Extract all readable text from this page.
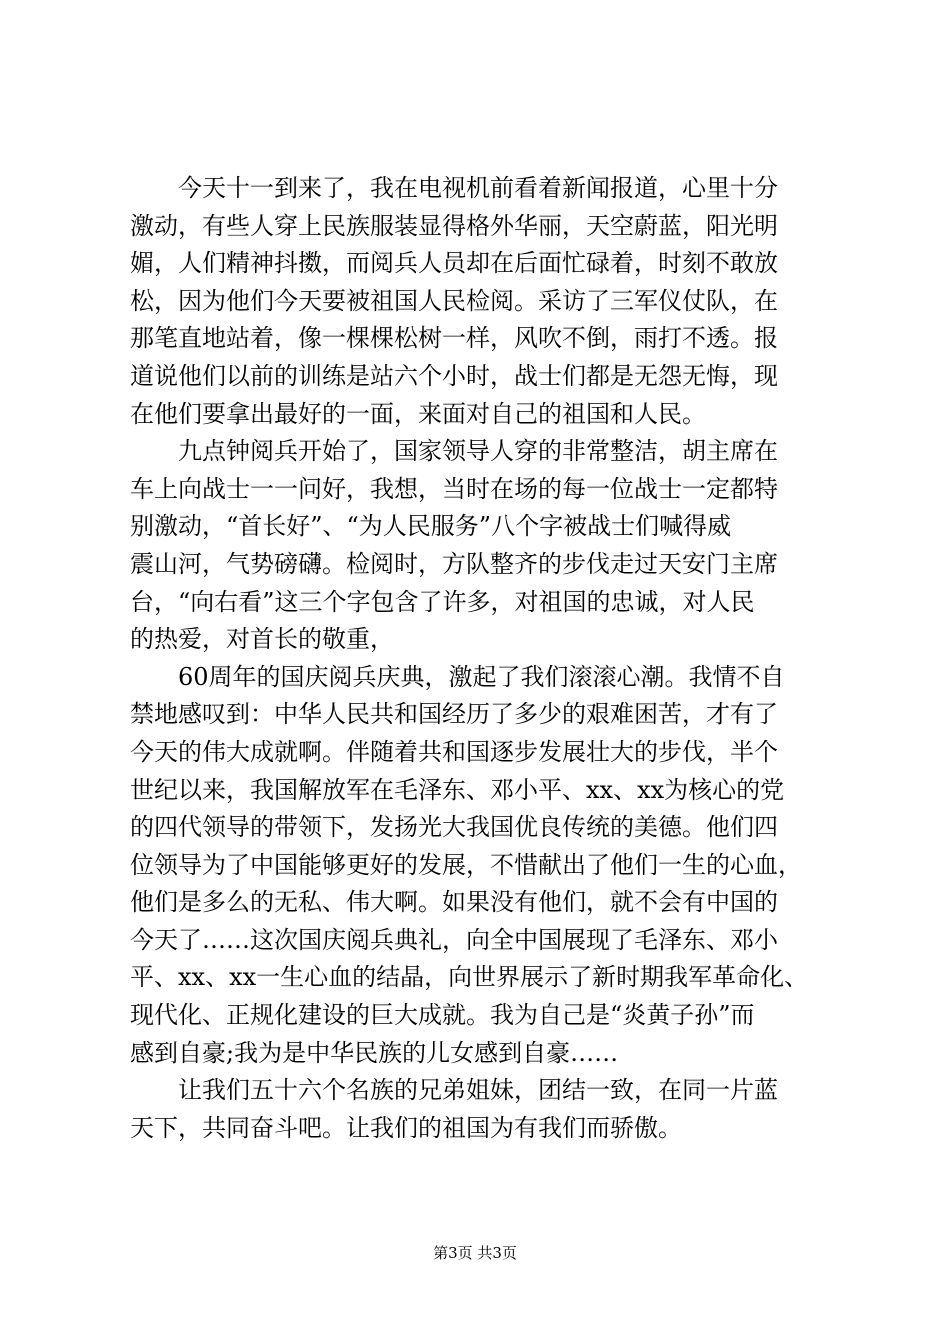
　　今天十一到来了，我在电视机前看着新闻报道，心里十分
激动，有些人穿上民族服装显得格外华丽，天空蔚蓝，阳光明
媚，人们精神抖擞，而阅兵人员却在后面忙碌着，时刻不敢放
松，因为他们今天要被祖国人民检阅。采访了三军仪仗队，在
那笔直地站着，像一棵棵松树一样，风吹不倒，雨打不透。报
道说他们以前的训练是站六个小时，战士们都是无怨无悔，现
在他们要拿出最好的一面，来面对自己的祖国和人民。
　　九点钟阅兵开始了，国家领导人穿的非常整洁，胡主席在
车上向战士一一问好，我想，当时在场的每一位战士一定都特
别激动，“首长好”、“为人民服务”八个字被战士们喊得威
震山河，气势磅礴。检阅时，方队整齐的步伐走过天安门主席
台，“向右看”这三个字包含了许多，对祖国的忠诚，对人民
的热爱，对首长的敬重，
　　60周年的国庆阅兵庆典，激起了我们滚滚心潮。我情不自
禁地感叹到：中华人民共和国经历了多少的艰难困苦，才有了
今天的伟大成就啊。伴随着共和国逐步发展壮大的步伐，半个
世纪以来，我国解放军在毛泽东、邓小平、xx、xx为核心的党
的四代领导的带领下，发扬光大我国优良传统的美德。他们四
位领导为了中国能够更好的发展，不惜献出了他们一生的心血，
他们是多么的无私、伟大啊。如果没有他们，就不会有中国的
今天了……这次国庆阅兵典礼，向全中国展现了毛泽东、邓小
平、xx、xx一生心血的结晶，向世界展示了新时期我军革命化、
现代化、正规化建设的巨大成就。我为自己是“炎黄子孙”而
感到自豪;我为是中华民族的儿女感到自豪……
　　让我们五十六个名族的兄弟姐妹，团结一致，在同一片蓝
天下，共同奋斗吧。让我们的祖国为有我们而骄傲。
第3页 共3页
